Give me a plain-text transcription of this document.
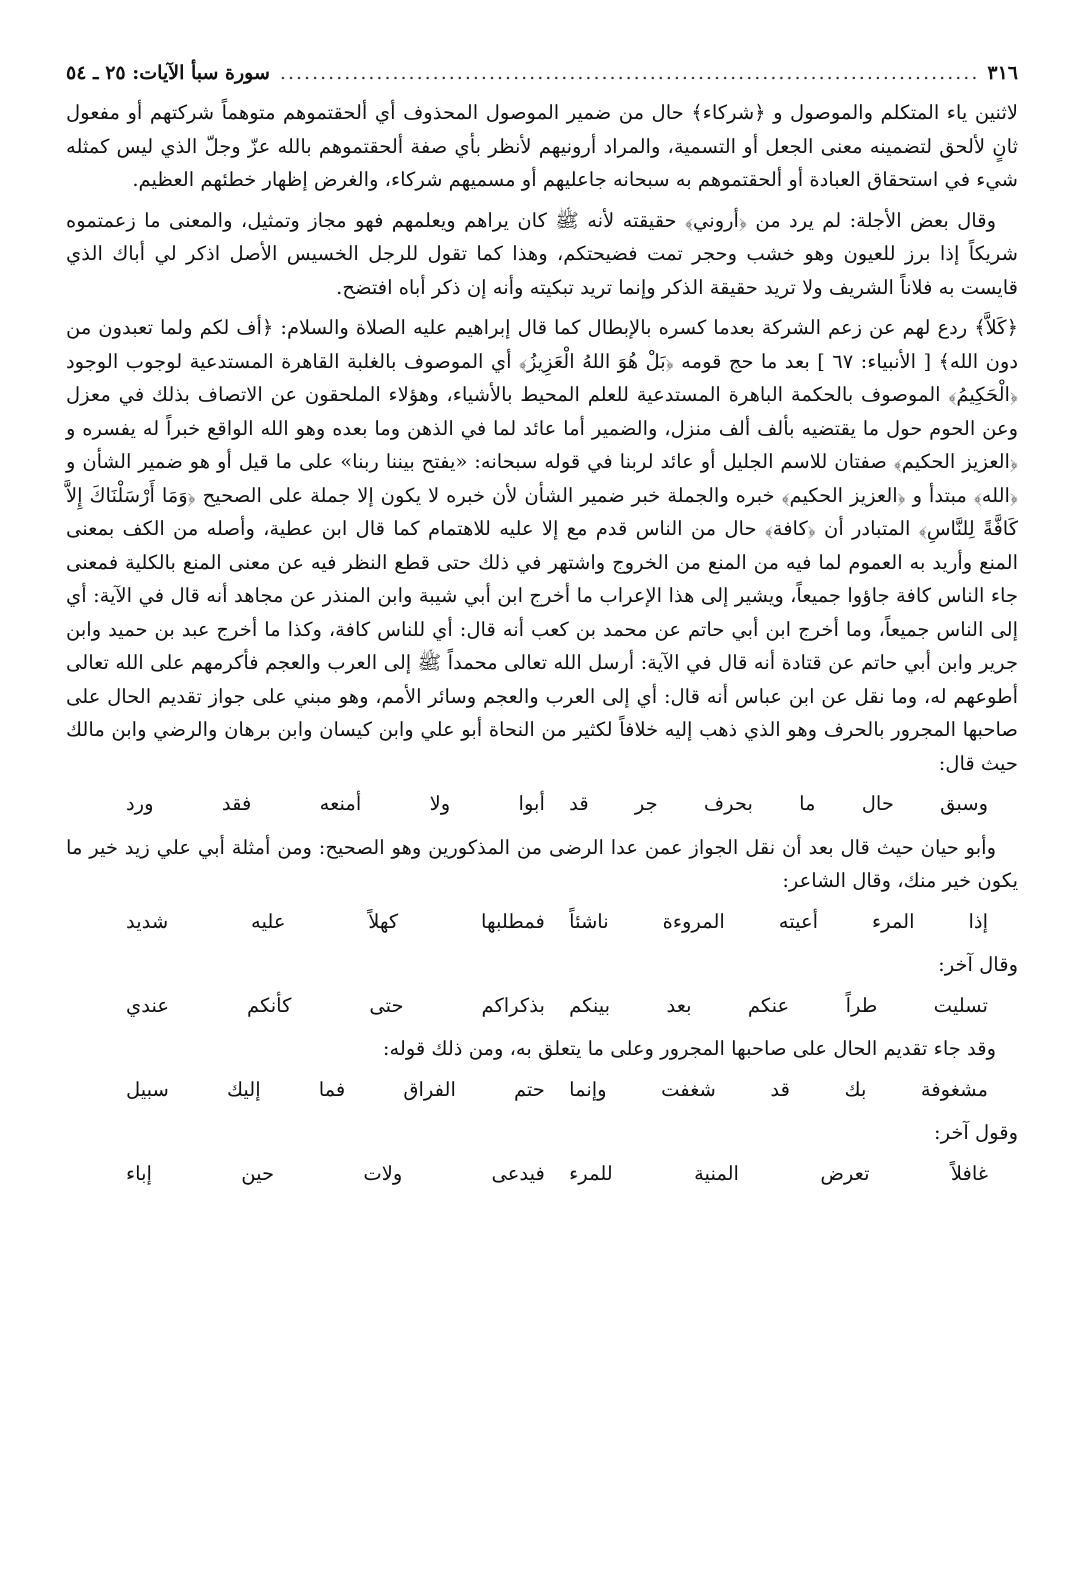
٣١٦
.....
سورة سبأ الآيات: ٢٥ ـ ٥٤

لاثنين ياء المتكلم والموصول و ﴿شركاء﴾ حال من ضمير الموصول المحذوف أي ألحقتموهم متوهماً شركتهم أو مفعول ثانٍ لألحق لتضمينه معنى الجعل أو التسمية، والمراد أرونيهم لأنظر بأي صفة ألحقتموهم بالله عزّ وجلّ الذي ليس كمثله شيء في استحقاق العبادة أو ألحقتموهم به سبحانه جاعليهم أو مسميهم شركاء، والغرض إظهار خطئهم العظيم.

وقال بعض الأجلة: لم يرد من ﴿أروني﴾ حقيقته لأنه ﷺ كان يراهم ويعلمهم فهو مجاز وتمثيل، والمعنى ما زعمتموه شريكاً إذا برز للعيون وهو خشب وحجر تمت فضيحتكم، وهذا كما تقول للرجل الخسيس الأصل اذكر لي أباك الذي قايست به فلاناً الشريف ولا تريد حقيقة الذكر وإنما تريد تبكيته وأنه إن ذكر أباه افتضح.

﴿كَلاَّ﴾ ردع لهم عن زعم الشركة بعدما كسره بالإبطال كما قال إبراهيم عليه الصلاة والسلام: ﴿أف لكم ولما تعبدون من دون الله﴾ [ الأنبياء: ٦٧ ] بعد ما حج قومه ﴿بَلْ هُوَ اللهُ الْعَزِيزُ﴾ أي الموصوف بالغلبة القاهرة المستدعية لوجوب الوجود ﴿الْحَكِيمُ﴾ الموصوف بالحكمة الباهرة المستدعية للعلم المحيط بالأشياء، وهؤلاء الملحقون عن الاتصاف بذلك في معزل وعن الحوم حول ما يقتضيه بألف ألف منزل، والضمير أما عائد لما في الذهن وما بعده وهو الله الواقع خبراً له يفسره و ﴿العزيز الحكيم﴾ صفتان للاسم الجليل أو عائد لربنا في قوله سبحانه: «يفتح بيننا ربنا» على ما قيل أو هو ضمير الشأن و ﴿الله﴾ مبتدأ و ﴿العزيز الحكيم﴾ خبره والجملة خبر ضمير الشأن لأن خبره لا يكون إلا جملة على الصحيح ﴿وَمَا أَرْسَلْنَاكَ إِلاَّ كَافَّةً لِلنَّاسِ﴾ المتبادر أن ﴿كافة﴾ حال من الناس قدم مع إلا عليه للاهتمام كما قال ابن عطية، وأصله من الكف بمعنى المنع وأريد به العموم لما فيه من المنع من الخروج واشتهر في ذلك حتى قطع النظر فيه عن معنى المنع بالكلية فمعنى جاء الناس كافة جاؤوا جميعاً، ويشير إلى هذا الإعراب ما أخرج ابن أبي شيبة وابن المنذر عن مجاهد أنه قال في الآية: أي إلى الناس جميعاً، وما أخرج ابن أبي حاتم عن محمد بن كعب أنه قال: أي للناس كافة، وكذا ما أخرج عبد بن حميد وابن جرير وابن أبي حاتم عن قتادة أنه قال في الآية: أرسل الله تعالى محمداً ﷺ إلى العرب والعجم فأكرمهم على الله تعالى أطوعهم له، وما نقل عن ابن عباس أنه قال: أي إلى العرب والعجم وسائر الأمم، وهو مبني على جواز تقديم الحال على صاحبها المجرور بالحرف وهو الذي ذهب إليه خلافاً لكثير من النحاة أبو علي وابن كيسان وابن برهان والرضي وابن مالك حيث قال:

وسبق حال ما بحرف جر قد
أبوا ولا أمنعه فقد ورد

وأبو حيان حيث قال بعد أن نقل الجواز عمن عدا الرضى من المذكورين وهو الصحيح: ومن أمثلة أبي علي زيد خير ما يكون خير منك، وقال الشاعر:

إذا المرء أعيته المروءة ناشئاً
فمطلبها كهلاً عليه شديد

وقال آخر:

تسليت طراً عنكم بعد بينكم
بذكراكم حتى كأنكم عندي

وقد جاء تقديم الحال على صاحبها المجرور وعلى ما يتعلق به، ومن ذلك قوله:

مشغوفة بك قد شغفت وإنما
حتم الفراق فما إليك سبيل

وقول آخر:

غافلاً تعرض المنية للمرء
فيدعى ولات حين إباء
